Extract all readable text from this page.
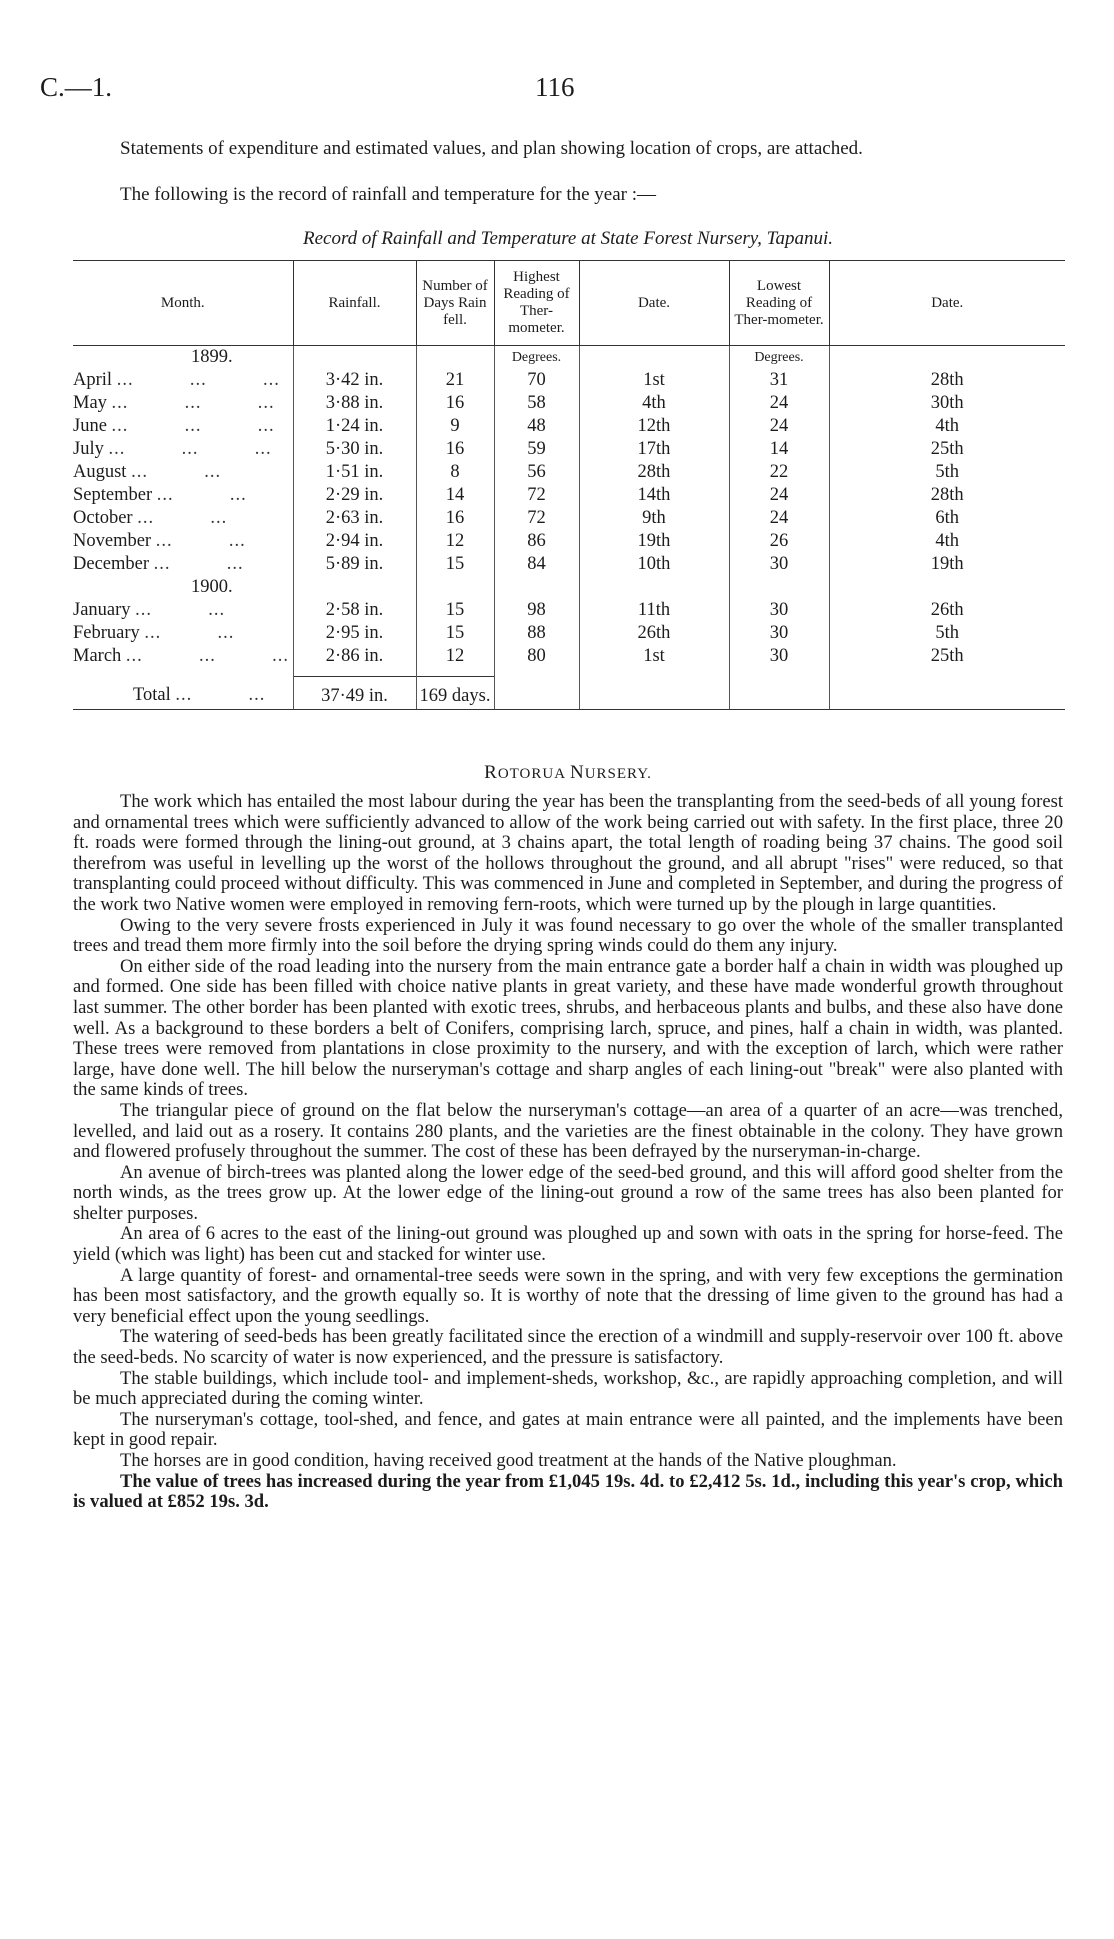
C.—1.	116

Statements of expenditure and estimated values, and plan showing location of crops, are attached.

The following is the record of rainfall and temperature for the year :—

Record of Rainfall and Temperature at State Forest Nursery, Tapanui.
Month.	Rainfall.	Number of Days Rain fell.	Highest Reading of Ther-mometer.	Date.	Lowest Reading of Ther-mometer.	Date.
1899.			Degrees.		Degrees.	
April ...          ...          ...	3·42 in.	21	70	1st	31	28th
May ...          ...          ...	3·88 in.	16	58	4th	24	30th
June ...          ...          ...	1·24 in.	9	48	12th	24	4th
July ...          ...          ...	5·30 in.	16	59	17th	14	25th
August ...          ...	1·51 in.	8	56	28th	22	5th
September ...          ...	2·29 in.	14	72	14th	24	28th
October ...          ...	2·63 in.	16	72	9th	24	6th
November ...          ...	2·94 in.	12	86	19th	26	4th
December ...          ...	5·89 in.	15	84	10th	30	19th
1900.						
January ...          ...	2·58 in.	15	98	11th	30	26th
February ...          ...	2·95 in.	15	88	26th	30	5th
March ...          ...          ...	2·86 in.	12	80	1st	30	25th

Total ...          ...	37·49 in.	169 days.				
ROTORUA NURSERY.

The work which has entailed the most labour during the year has been the transplanting from the seed-beds of all young forest and ornamental trees which were sufficiently advanced to allow of the work being carried out with safety. In the first place, three 20 ft. roads were formed through the lining-out ground, at 3 chains apart, the total length of roading being 37 chains. The good soil therefrom was useful in levelling up the worst of the hollows throughout the ground, and all abrupt "rises" were reduced, so that transplanting could proceed without difficulty. This was commenced in June and completed in September, and during the progress of the work two Native women were employed in removing fern-roots, which were turned up by the plough in large quantities.

Owing to the very severe frosts experienced in July it was found necessary to go over the whole of the smaller transplanted trees and tread them more firmly into the soil before the drying spring winds could do them any injury.

On either side of the road leading into the nursery from the main entrance gate a border half a chain in width was ploughed up and formed. One side has been filled with choice native plants in great variety, and these have made wonderful growth throughout last summer. The other border has been planted with exotic trees, shrubs, and herbaceous plants and bulbs, and these also have done well. As a background to these borders a belt of Conifers, comprising larch, spruce, and pines, half a chain in width, was planted. These trees were removed from plantations in close proximity to the nursery, and with the exception of larch, which were rather large, have done well. The hill below the nurseryman's cottage and sharp angles of each lining-out "break" were also planted with the same kinds of trees.

The triangular piece of ground on the flat below the nurseryman's cottage—an area of a quarter of an acre—was trenched, levelled, and laid out as a rosery. It contains 280 plants, and the varieties are the finest obtainable in the colony. They have grown and flowered profusely throughout the summer. The cost of these has been defrayed by the nurseryman-in-charge.

An avenue of birch-trees was planted along the lower edge of the seed-bed ground, and this will afford good shelter from the north winds, as the trees grow up. At the lower edge of the lining-out ground a row of the same trees has also been planted for shelter purposes.

An area of 6 acres to the east of the lining-out ground was ploughed up and sown with oats in the spring for horse-feed. The yield (which was light) has been cut and stacked for winter use.

A large quantity of forest- and ornamental-tree seeds were sown in the spring, and with very few exceptions the germination has been most satisfactory, and the growth equally so. It is worthy of note that the dressing of lime given to the ground has had a very beneficial effect upon the young seedlings.

The watering of seed-beds has been greatly facilitated since the erection of a windmill and supply-reservoir over 100 ft. above the seed-beds. No scarcity of water is now experienced, and the pressure is satisfactory.

The stable buildings, which include tool- and implement-sheds, workshop, &c., are rapidly approaching completion, and will be much appreciated during the coming winter.

The nurseryman's cottage, tool-shed, and fence, and gates at main entrance were all painted, and the implements have been kept in good repair.

The horses are in good condition, having received good treatment at the hands of the Native ploughman.

The value of trees has increased during the year from £1,045 19s. 4d. to £2,412 5s. 1d., including this year's crop, which is valued at £852 19s. 3d.
